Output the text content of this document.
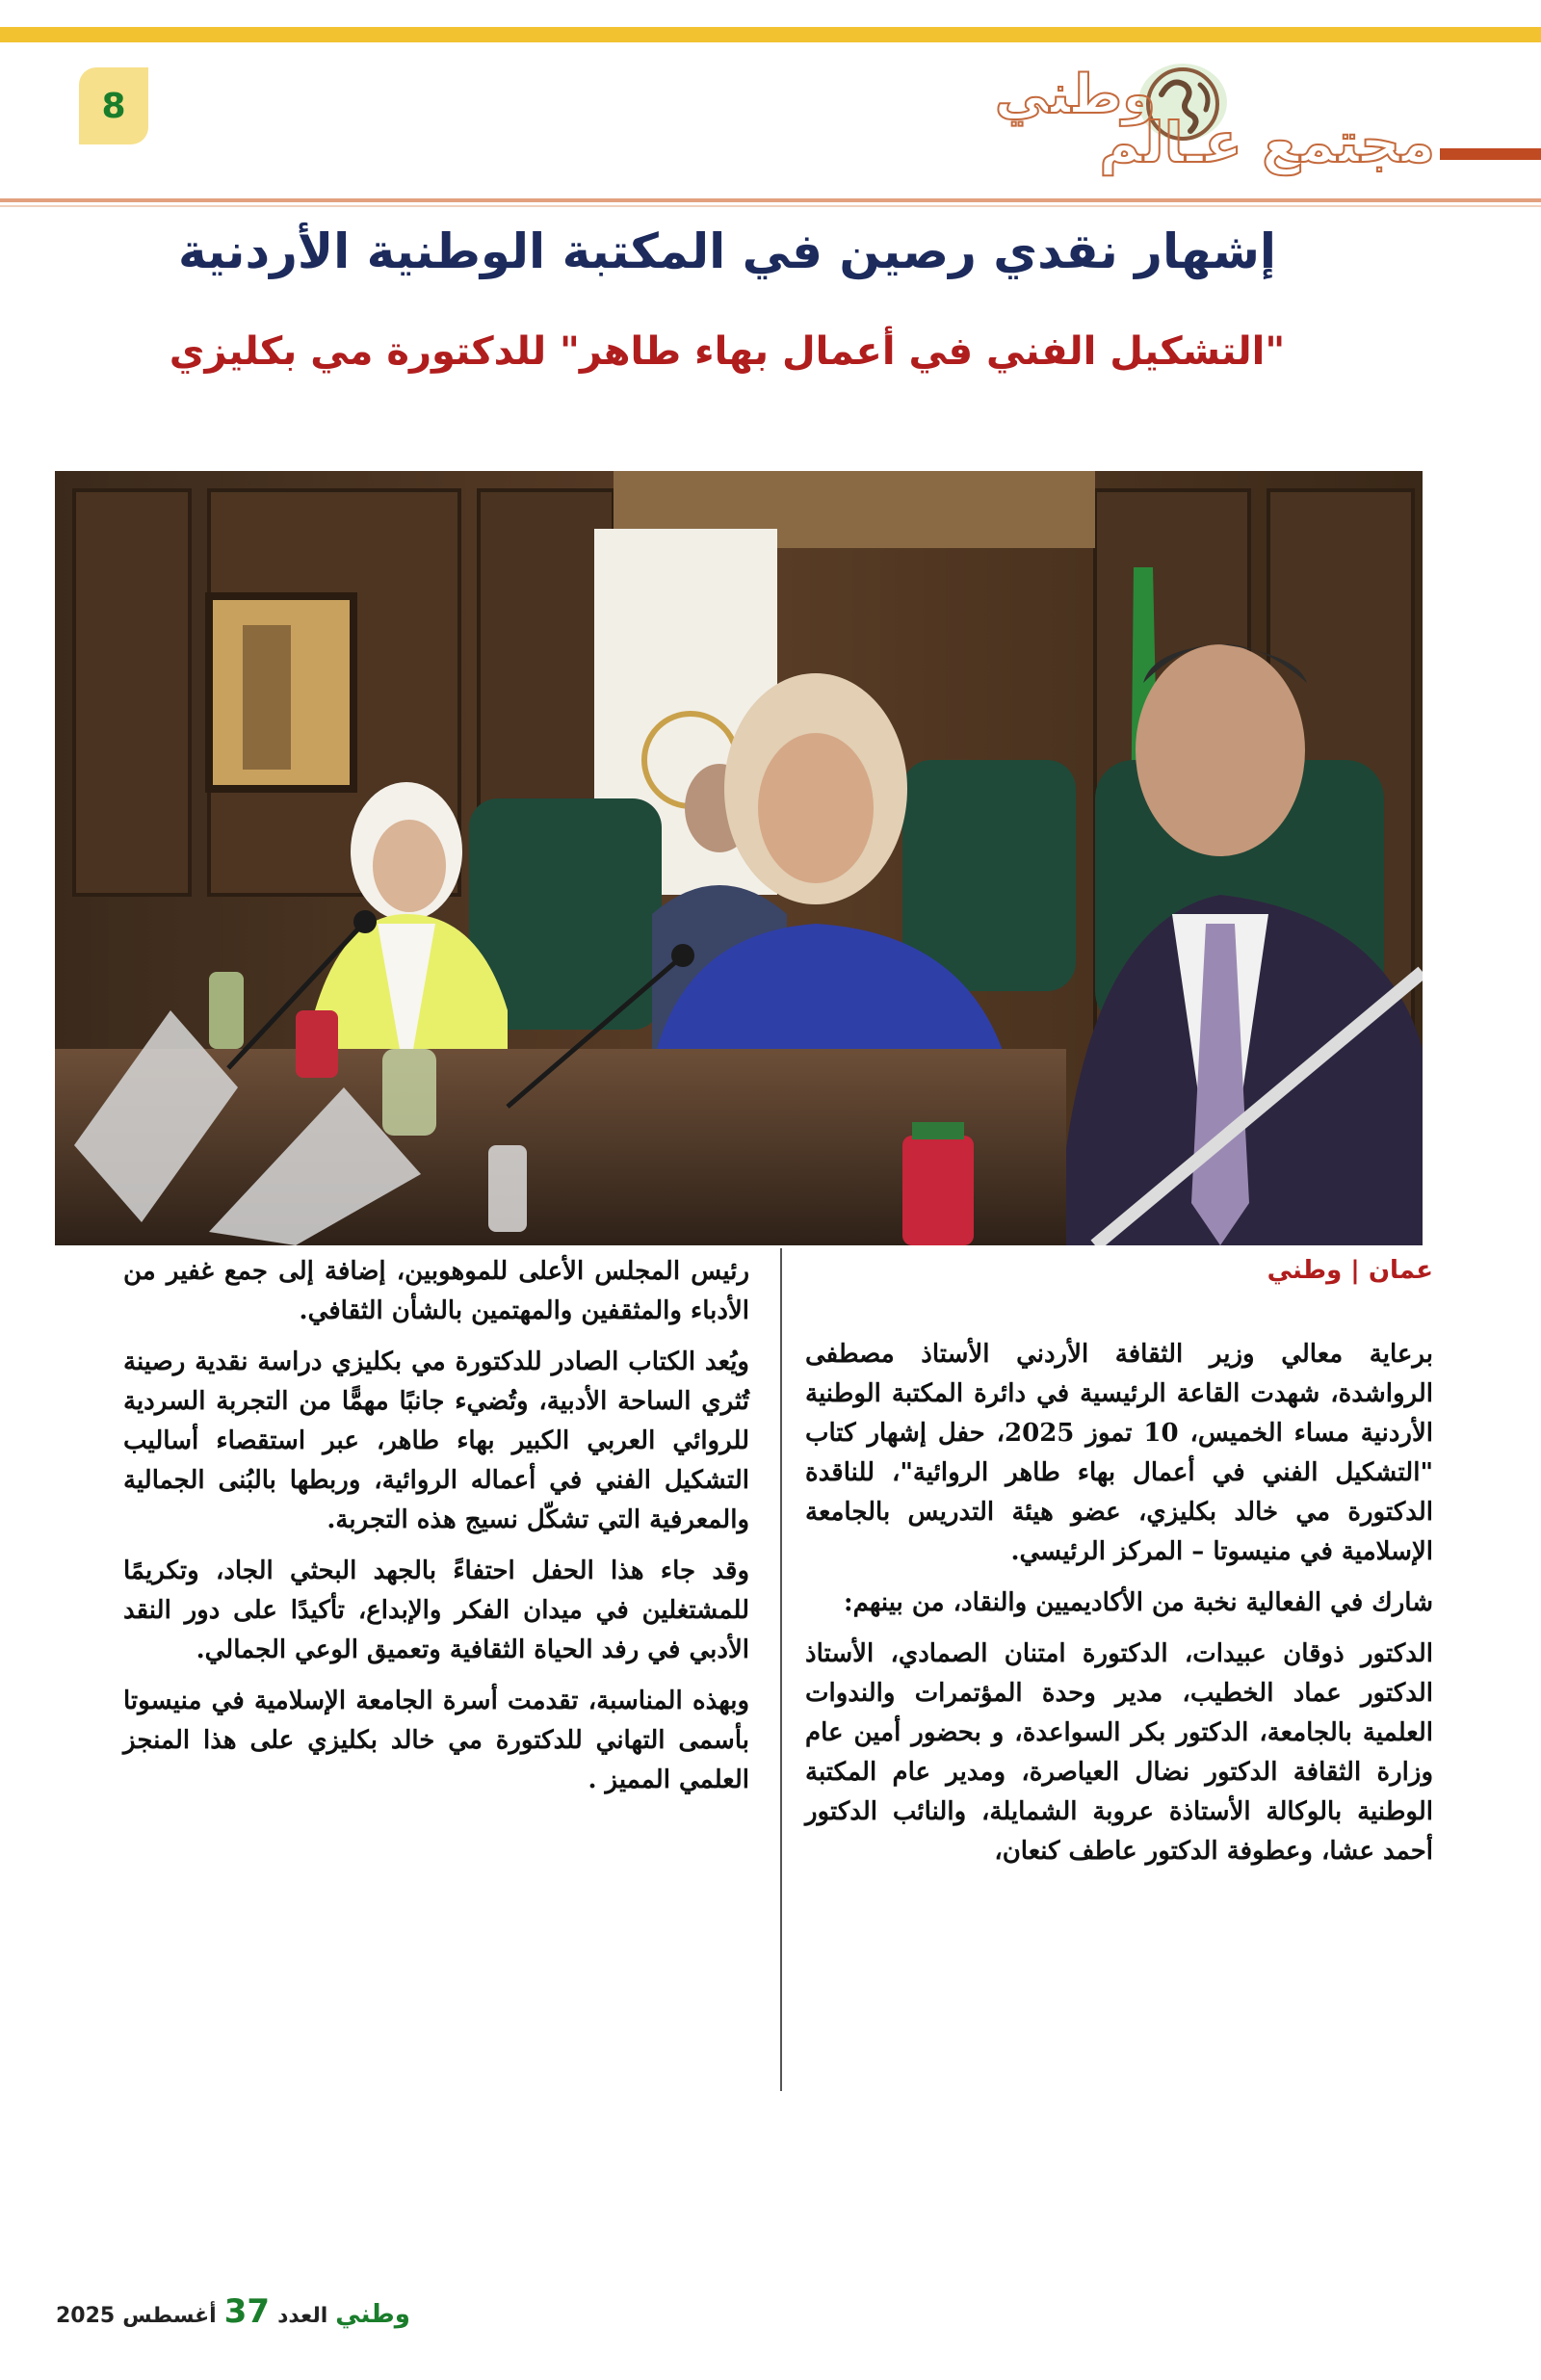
8	وطني
مجتمع عـالم
إشهار نقدي رصين في المكتبة الوطنية الأردنية
"التشكيل الفني في أعمال بهاء طاهر" للدكتورة مي بكليزي
عمان | وطني

برعاية معالي وزير الثقافة الأردني الأستاذ مصطفى الرواشدة، شهدت القاعة الرئيسية في دائرة المكتبة الوطنية الأردنية مساء الخميس، 10 تموز 2025، حفل إشهار كتاب "التشكيل الفني في أعمال بهاء طاهر الروائية"، للناقدة الدكتورة مي خالد بكليزي، عضو هيئة التدريس بالجامعة الإسلامية في منيسوتا – المركز الرئيسي.

شارك في الفعالية نخبة من الأكاديميين والنقاد، من بينهم:

الدكتور ذوقان عبيدات، الدكتورة امتنان الصمادي، الأستاذ الدكتور عماد الخطيب، مدير وحدة المؤتمرات والندوات العلمية بالجامعة، الدكتور بكر السواعدة، و بحضور أمين عام وزارة الثقافة الدكتور نضال العياصرة، ومدير عام المكتبة الوطنية بالوكالة الأستاذة عروبة الشمايلة، والنائب الدكتور أحمد عشا، وعطوفة الدكتور عاطف كنعان،

رئيس المجلس الأعلى للموهوبين، إضافة إلى جمع غفير من الأدباء والمثقفين والمهتمين بالشأن الثقافي.

ويُعد الكتاب الصادر للدكتورة مي بكليزي دراسة نقدية رصينة تُثري الساحة الأدبية، وتُضيء جانبًا مهمًّا من التجربة السردية للروائي العربي الكبير بهاء طاهر، عبر استقصاء أساليب التشكيل الفني في أعماله الروائية، وربطها بالبُنى الجمالية والمعرفية التي تشكّل نسيج هذه التجربة.

وقد جاء هذا الحفل احتفاءً بالجهد البحثي الجاد، وتكريمًا للمشتغلين في ميدان الفكر والإبداع، تأكيدًا على دور النقد الأدبي في رفد الحياة الثقافية وتعميق الوعي الجمالي.

وبهذه المناسبة، تقدمت أسرة الجامعة الإسلامية في منيسوتا بأسمى التهاني للدكتورة مي خالد بكليزي على هذا المنجز العلمي المميز .

وطني
العدد
37
أغسطس
2025
